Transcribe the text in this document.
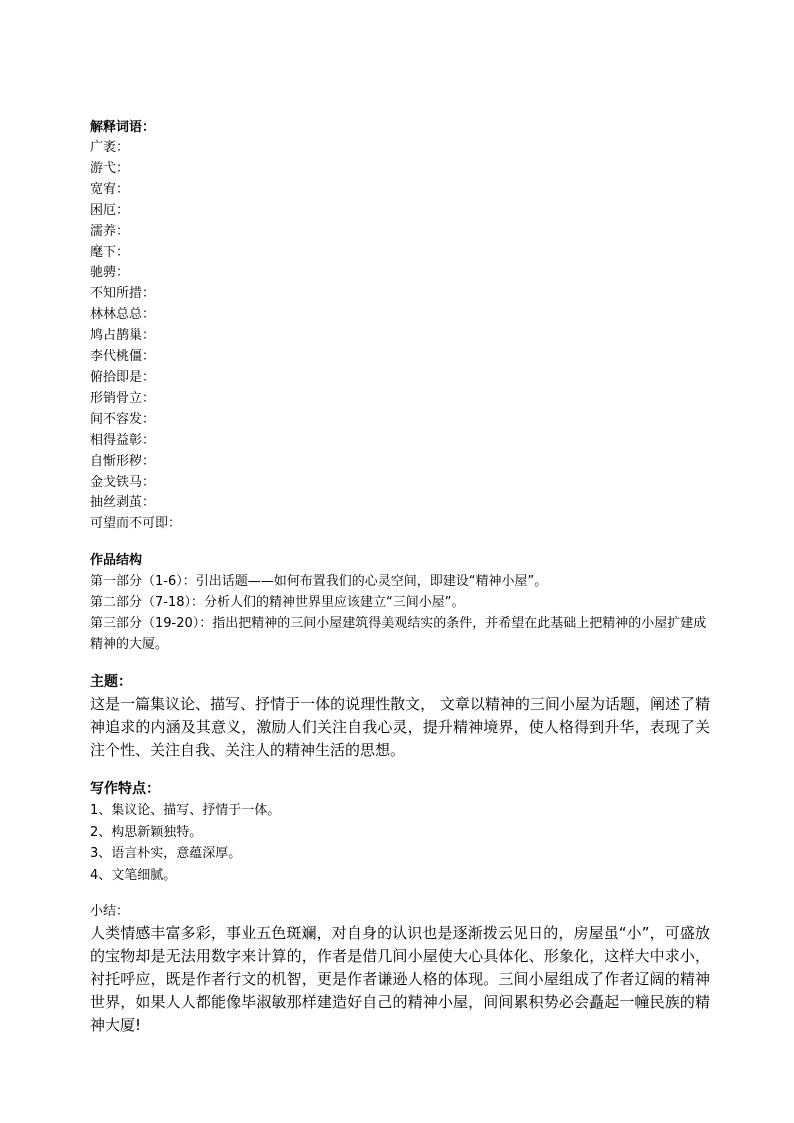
解释词语：
广袤：
游弋：
宽宥：
困厄：
濡养：
麾下：
驰骋：
不知所措：
林林总总：
鸠占鹊巢：
李代桃僵：
俯拾即是：
形销骨立：
间不容发：
相得益彰：
自惭形秽：
金戈铁马：
抽丝剥茧：
可望而不可即：
作品结构
第一部分（1-6）：引出话题——如何布置我们的心灵空间，即建设“精神小屋”。
第二部分（7-18）：分析人们的精神世界里应该建立“三间小屋”。
第三部分（19-20）：指出把精神的三间小屋建筑得美观结实的条件，并希望在此基础上把精神的小屋扩建成精神的大厦。
主题：
这是一篇集议论、描写、抒情于一体的说理性散文， 文章以精神的三间小屋为话题，阐述了精神追求的内涵及其意义，激励人们关注自我心灵，提升精神境界，使人格得到升华，表现了关注个性、关注自我、关注人的精神生活的思想。
写作特点：
1、集议论、描写、抒情于一体。
2、构思新颖独特。
3、语言朴实，意蕴深厚。
4、文笔细腻。
小结：
人类情感丰富多彩，事业五色斑斓，对自身的认识也是逐渐拨云见日的，房屋虽“小”，可盛放的宝物却是无法用数字来计算的，作者是借几间小屋使大心具体化、形象化，这样大中求小，衬托呼应，既是作者行文的机智，更是作者谦逊人格的体现。三间小屋组成了作者辽阔的精神世界，如果人人都能像毕淑敏那样建造好自己的精神小屋，间间累积势必会矗起一幢民族的精神大厦!
